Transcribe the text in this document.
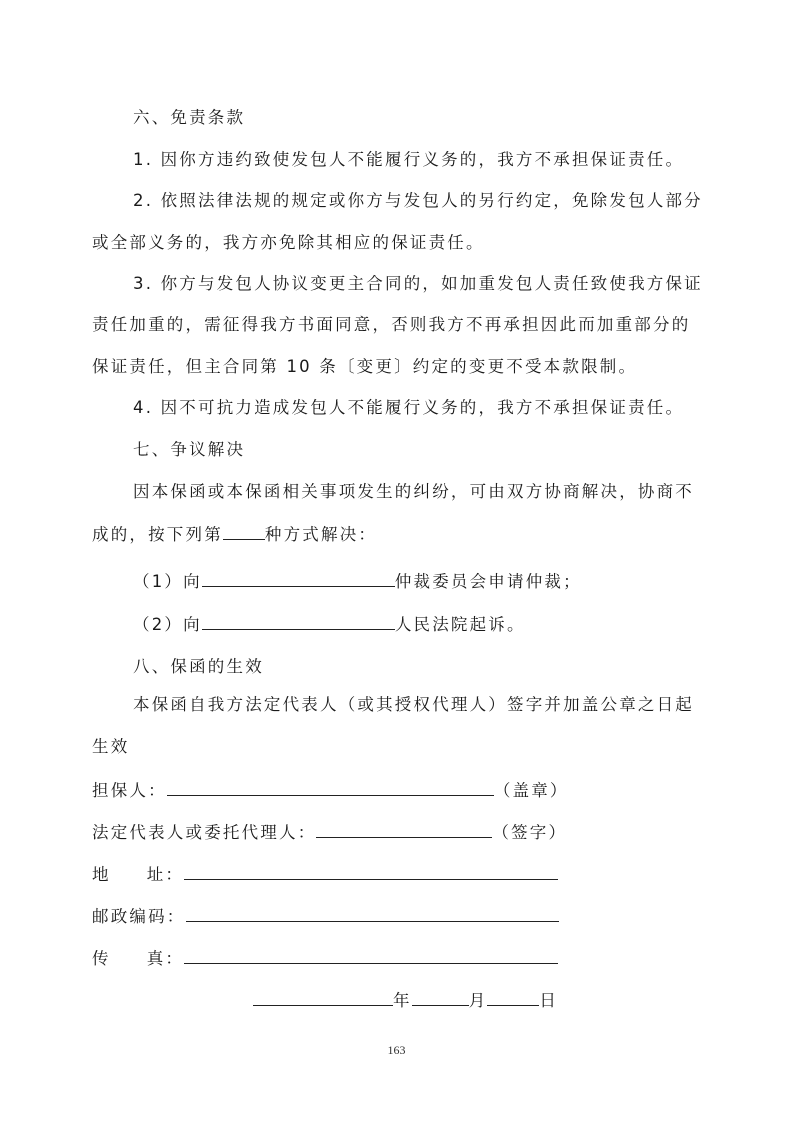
六、免责条款
1. 因你方违约致使发包人不能履行义务的，我方不承担保证责任。
2. 依照法律法规的规定或你方与发包人的另行约定，免除发包人部分
或全部义务的，我方亦免除其相应的保证责任。
3. 你方与发包人协议变更主合同的，如加重发包人责任致使我方保证
责任加重的，需征得我方书面同意，否则我方不再承担因此而加重部分的
保证责任，但主合同第 10 条〔变更〕约定的变更不受本款限制。
4. 因不可抗力造成发包人不能履行义务的，我方不承担保证责任。
七、争议解决
因本保函或本保函相关事项发生的纠纷，可由双方协商解决，协商不
成的，按下列第	种方式解决：
（1）向	仲裁委员会申请仲裁；
（2）向	人民法院起诉。
八、保函的生效
本保函自我方法定代表人（或其授权代理人）签字并加盖公章之日起
生效
担保人：	（盖章）
法定代表人或委托代理人：	（签字）
地 址：
邮政编码：
传 真：
年	月	日
163
